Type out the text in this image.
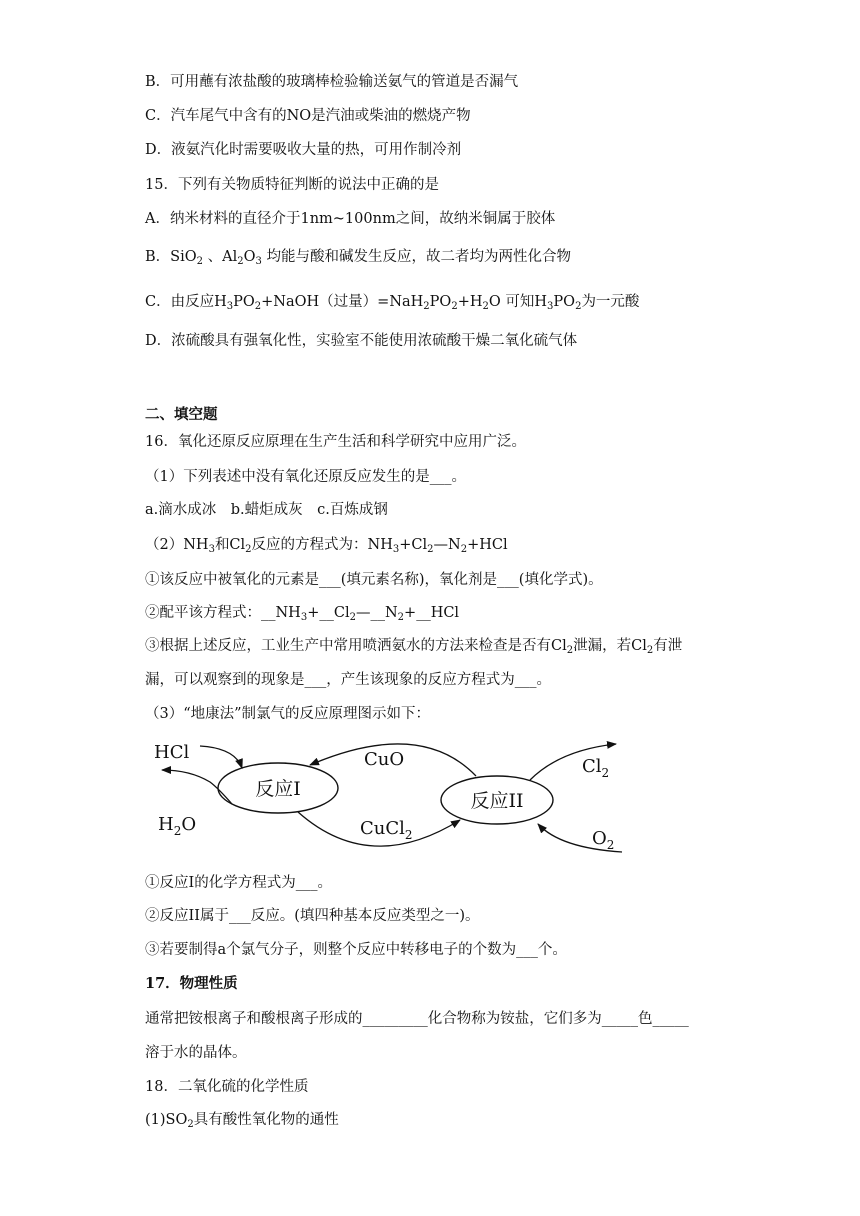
B．可用蘸有浓盐酸的玻璃棒检验输送氨气的管道是否漏气
C．汽车尾气中含有的NO是汽油或柴油的燃烧产物
D．液氨汽化时需要吸收大量的热，可用作制冷剂
15．下列有关物质特征判断的说法中正确的是
A．纳米材料的直径介于1nm~100nm之间，故纳米铜属于胶体
B．SiO$_2$ 、$Al_2O_3$ 均能与酸和碱发生反应，故二者均为两性化合物
C．由反应$H_3PO_2+NaOH$（过量）$=NaH_2PO_2+H_2O$ 可知$H_3PO_2$为一元酸
D．浓硫酸具有强氧化性，实验室不能使用浓硫酸干燥二氧化硫气体
二、填空题
16．氧化还原反应原理在生产生活和科学研究中应用广泛。
（1）下列表述中没有氧化还原反应发生的是___。
a.滴水成冰　b.蜡炬成灰　c.百炼成钢
$(2)NH_3$和$Cl_2$反应的方程式为：$NH_3+Cl_2—N_2+HCl$
①该反应中被氧化的元素是___(填元素名称)，氧化剂是___(填化学式)。
②配平该方程式：$\_\_NH_3+\_\_Cl_2—\_\_N_2+\_\_HCl$
③根据上述反应，工业生产中常用喷洒氨水的方法来检查是否有$Cl_2$泄漏，若$Cl_2$有泄
漏，可以观察到的现象是___，产生该现象的反应方程式为___。
（3）“地康法”制氯气的反应原理图示如下：
反应I
反应II
HCl
$H_2O$
CuO
CuCl$_2$
$Cl_2$
$O_2$
①反应I的化学方程式为___。
②反应II属于___反应。(填四种基本反应类型之一)。
③若要制得a个氯气分子，则整个反应中转移电子的个数为___个。
17．物理性质
通常把铵根离子和酸根离子形成的_________化合物称为铵盐，它们多为_____色_____
溶于水的晶体。
18．二氧化硫的化学性质
$(1)SO_2$具有酸性氧化物的通性
